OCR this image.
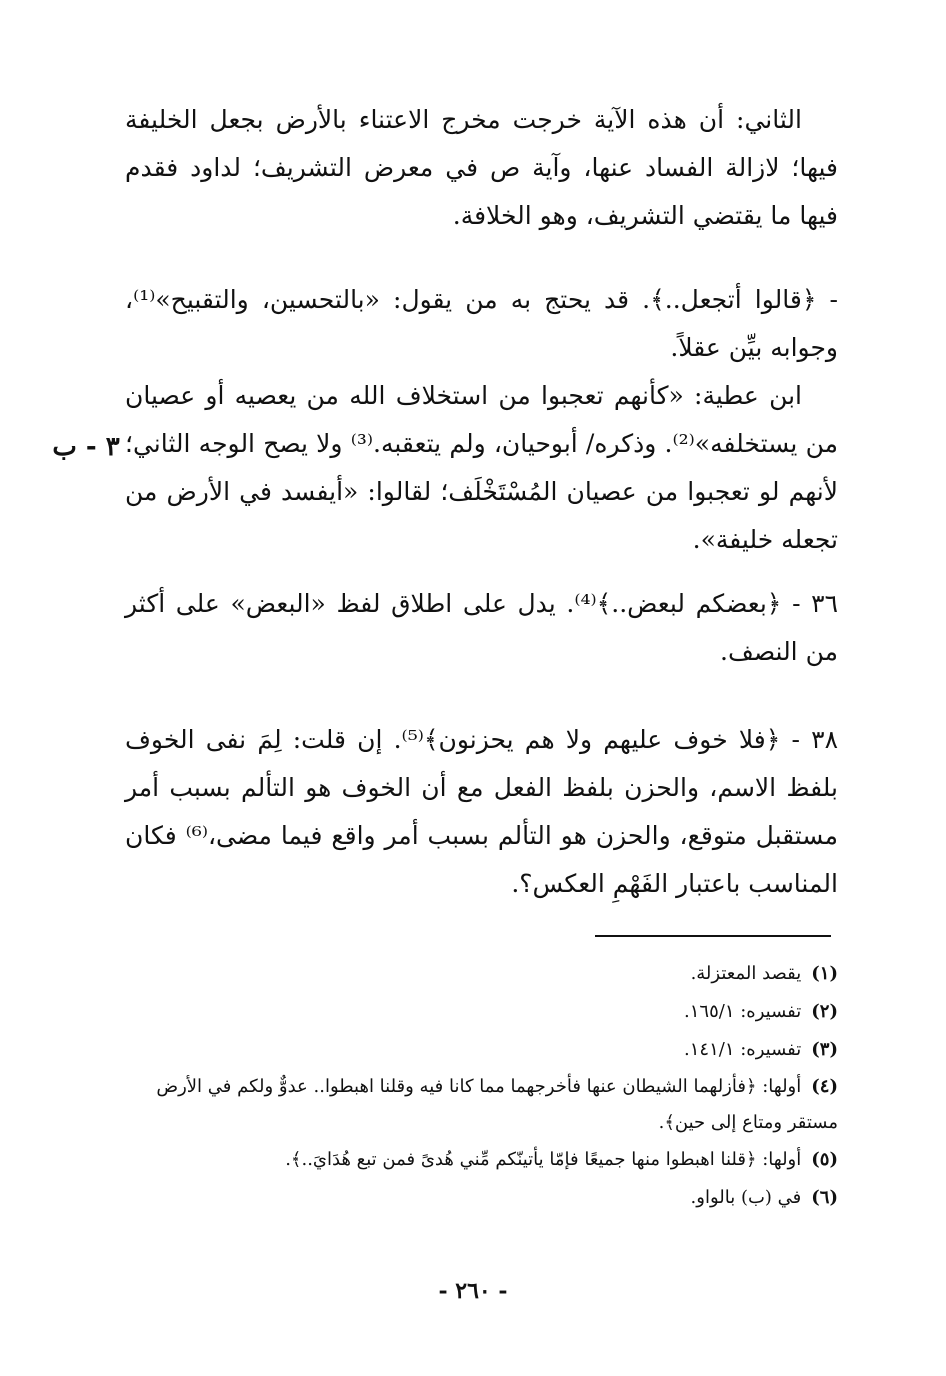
الثاني: أن هذه الآية خرجت مخرج الاعتناء بالأرض بجعل الخليفة فيها؛ لازالة الفساد عنها، وآية ص في معرض التشريف؛ لداود فقدم فيها ما يقتضي التشريف، وهو الخلافة.

- ﴿قالوا أتجعل..﴾. قد يحتج به من يقول: «بالتحسين، والتقبيح»⁽¹⁾، وجوابه بيِّن عقلاً.

ابن عطية: «كأنهم تعجبوا من استخلاف الله من يعصيه أو عصيان من يستخلفه»⁽²⁾. وذكره/ أبوحيان، ولم يتعقبه.⁽³⁾ ولا يصح الوجه الثاني؛ لأنهم لو تعجبوا من عصيان المُسْتَخْلَف؛ لقالوا: «أيفسد في الأرض من تجعله خليفة».

٣٦ - ﴿بعضكم لبعض..﴾⁽⁴⁾. يدل على اطلاق لفظ «البعض» على أكثر من النصف.

٣٨ - ﴿فلا خوف عليهم ولا هم يحزنون﴾⁽⁵⁾. إن قلت: لِمَ نفى الخوف بلفظ الاسم، والحزن بلفظ الفعل مع أن الخوف هو التألم بسبب أمر مستقبل متوقع، والحزن هو التألم بسبب أمر واقع فيما مضى،⁽⁶⁾ فكان المناسب باعتبار الفَهْمِ العكس؟.

٣ - ب
(١)يقصد المعتزلة.
(٢)تفسيره: ١٦٥/١.
(٣)تفسيره: ١٤١/١.
(٤)أولها: ﴿فأزلهما الشيطان عنها فأخرجهما مما كانا فيه وقلنا اهبطوا.. عدوٌّ ولكم في الأرض مستقر ومتاع إلى حين﴾.
(٥)أولها: ﴿قلنا اهبطوا منها جميعًا فإمّا يأتينّكم مِّني هُدىً فمن تبع هُدَايَ..﴾.
(٦)في (ب) بالواو.
- ٢٦٠ -
